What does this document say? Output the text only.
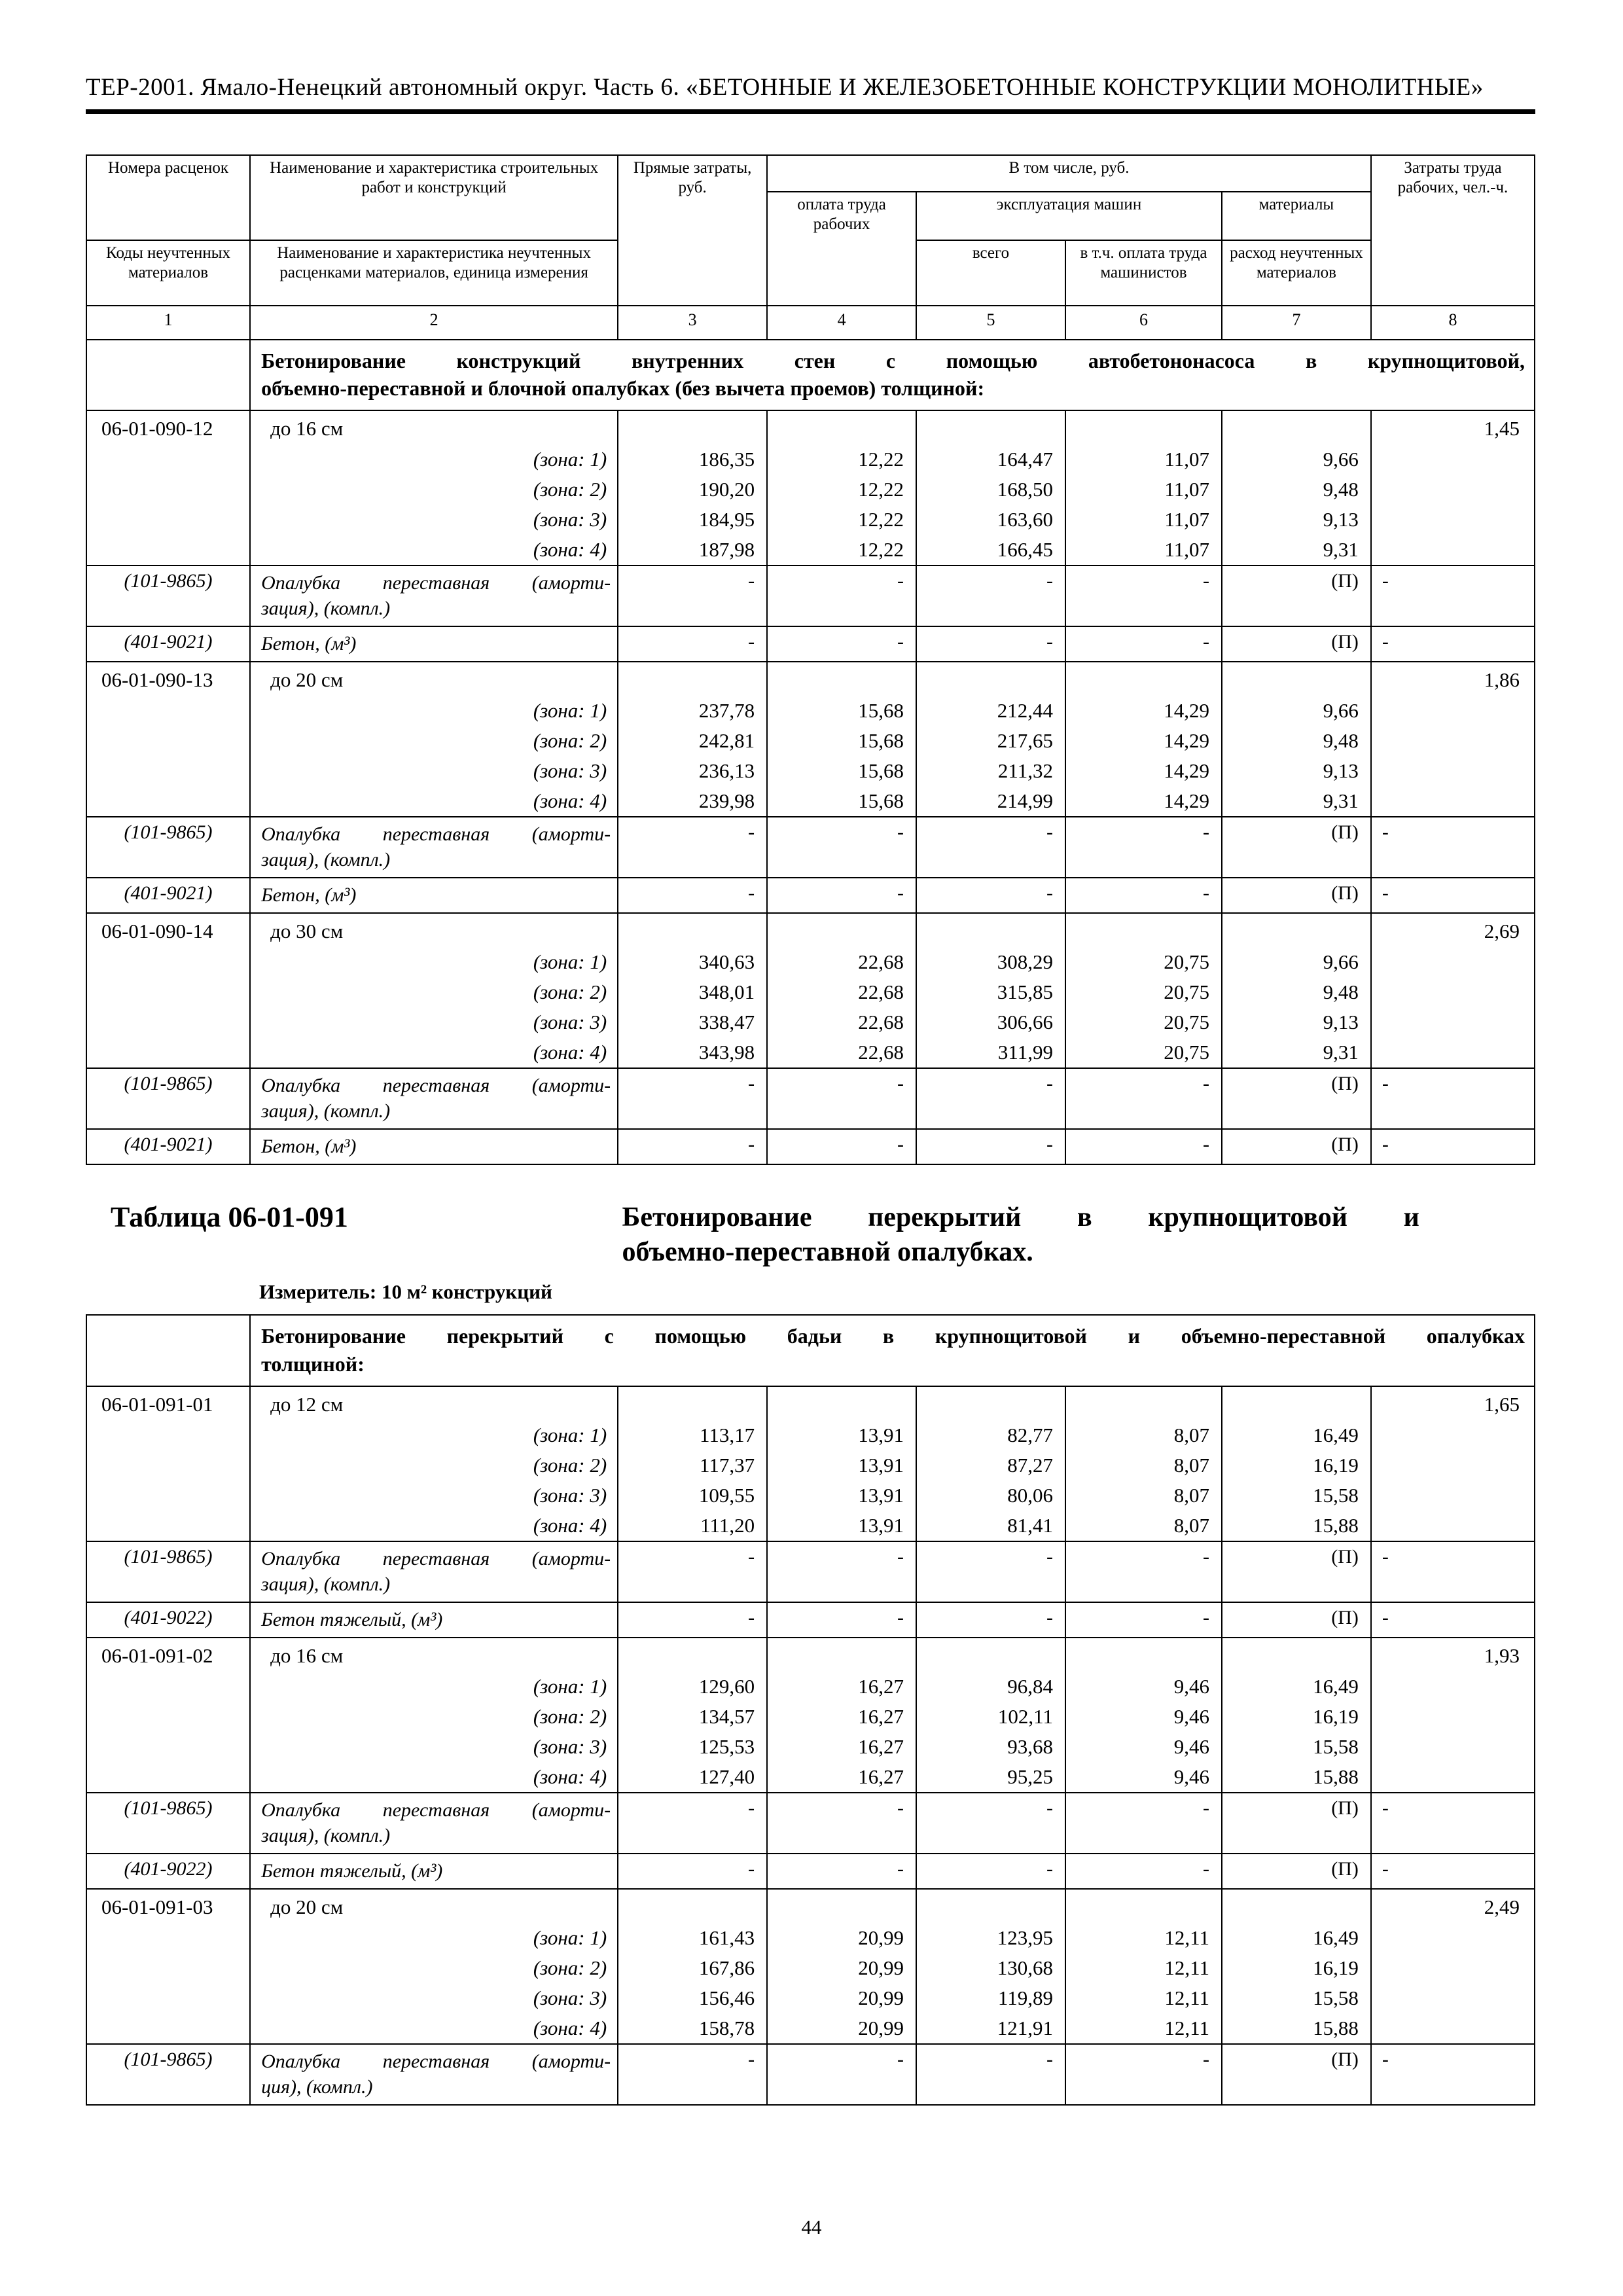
ТЕР-2001. Ямало-Ненецкий автономный округ. Часть 6. «БЕТОННЫЕ И ЖЕЛЕЗОБЕТОННЫЕ КОНСТРУКЦИИ МОНОЛИТНЫЕ»
Номера расценок	Наименование и характеристика строительных работ и конструкций	Прямые затраты, руб.	В том числе, руб.				Затраты труда рабочих, чел.-ч.
			оплата труда рабочих	эксплуатация машин		материалы	
Коды неучтенных материалов	Наименование и характеристика неучтенных расценками материалов, единица измерения			всего	в т.ч. оплата труда машинистов	расход неучтенных материалов	
1	2	3	4	5	6	7	8

	Бетонирование конструкций внутренних стен с помощью автобетононасоса в крупнощитовой,
объемно-переставной и блочной опалубках (без вычета проемов) толщиной:						

06-01-090-12	до 16 см						1,45
	(зона: 1)	186,35	12,22	164,47	11,07	9,66	
	(зона: 2)	190,20	12,22	168,50	11,07	9,48	
	(зона: 3)	184,95	12,22	163,60	11,07	9,13	
	(зона: 4)	187,98	12,22	166,45	11,07	9,31	
(101-9865)	Опалубка переставная (аморти-
зация), (компл.)	-	-	-	-	(П)	-
(401-9021)	Бетон, (м³)	-	-	-	-	(П)	-
06-01-090-13	до 20 см						1,86
	(зона: 1)	237,78	15,68	212,44	14,29	9,66	
	(зона: 2)	242,81	15,68	217,65	14,29	9,48	
	(зона: 3)	236,13	15,68	211,32	14,29	9,13	
	(зона: 4)	239,98	15,68	214,99	14,29	9,31	
(101-9865)	Опалубка переставная (аморти-
зация), (компл.)	-	-	-	-	(П)	-
(401-9021)	Бетон, (м³)	-	-	-	-	(П)	-
06-01-090-14	до 30 см						2,69
	(зона: 1)	340,63	22,68	308,29	20,75	9,66	
	(зона: 2)	348,01	22,68	315,85	20,75	9,48	
	(зона: 3)	338,47	22,68	306,66	20,75	9,13	
	(зона: 4)	343,98	22,68	311,99	20,75	9,31	
(101-9865)	Опалубка переставная (аморти-
зация), (компл.)	-	-	-	-	(П)	-
(401-9021)	Бетон, (м³)	-	-	-	-	(П)	-
Таблица 06-01-091	Бетонирование перекрытий в крупнощитовой и
объемно-переставной опалубках.
Измеритель: 10 м² конструкций

	Бетонирование перекрытий с помощью бадьи в крупнощитовой и объемно-переставной опалубках
толщиной:						

06-01-091-01	до 12 см						1,65
	(зона: 1)	113,17	13,91	82,77	8,07	16,49	
	(зона: 2)	117,37	13,91	87,27	8,07	16,19	
	(зона: 3)	109,55	13,91	80,06	8,07	15,58	
	(зона: 4)	111,20	13,91	81,41	8,07	15,88	
(101-9865)	Опалубка переставная (аморти-
зация), (компл.)	-	-	-	-	(П)	-
(401-9022)	Бетон тяжелый, (м³)	-	-	-	-	(П)	-
06-01-091-02	до 16 см						1,93
	(зона: 1)	129,60	16,27	96,84	9,46	16,49	
	(зона: 2)	134,57	16,27	102,11	9,46	16,19	
	(зона: 3)	125,53	16,27	93,68	9,46	15,58	
	(зона: 4)	127,40	16,27	95,25	9,46	15,88	
(101-9865)	Опалубка переставная (аморти-
зация), (компл.)	-	-	-	-	(П)	-
(401-9022)	Бетон тяжелый, (м³)	-	-	-	-	(П)	-
06-01-091-03	до 20 см						2,49
	(зона: 1)	161,43	20,99	123,95	12,11	16,49	
	(зона: 2)	167,86	20,99	130,68	12,11	16,19	
	(зона: 3)	156,46	20,99	119,89	12,11	15,58	
	(зона: 4)	158,78	20,99	121,91	12,11	15,88	
(101-9865)	Опалубка переставная (аморти-
ция), (компл.)	-	-	-	-	(П)	-
44
